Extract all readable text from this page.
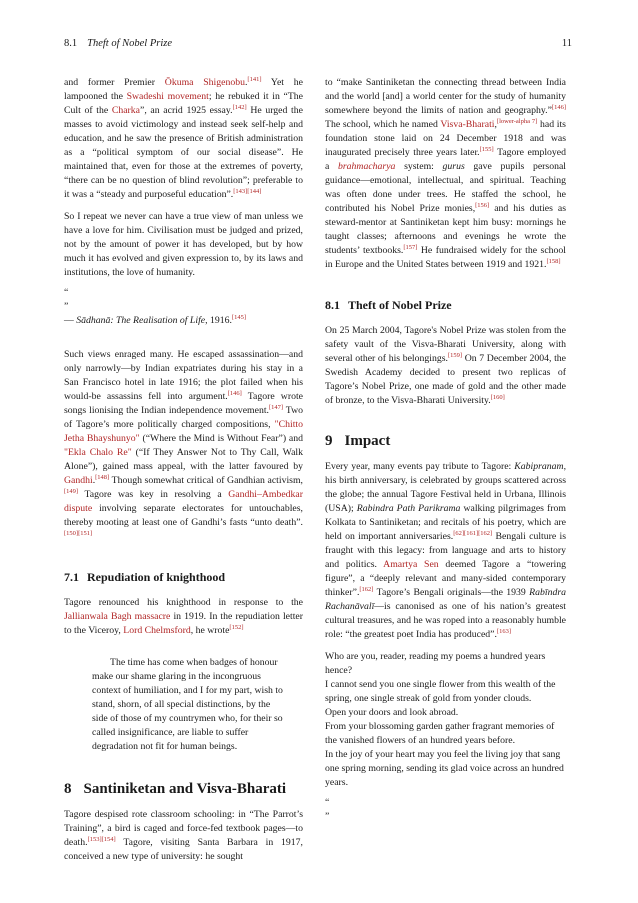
8.1 Theft of Nobel Prize	11

and former Premier Ōkuma Shigenobu.[141] Yet he lampooned the Swadeshi movement; he rebuked it in “The Cult of the Charka”, an acrid 1925 essay.[142] He urged the masses to avoid victimology and instead seek self-help and education, and he saw the presence of British administration as a “political symptom of our social disease”. He maintained that, even for those at the extremes of poverty, “there can be no question of blind revolution”; preferable to it was a “steady and purposeful education”.[143][144]

So I repeat we never can have a true view of man unless we have a love for him. Civilisation must be judged and prized, not by the amount of power it has developed, but by how much it has evolved and given expression to, by its laws and institutions, the love of humanity.

“

”

— Sādhanā: The Realisation of Life, 1916.[145]

Such views enraged many. He escaped assassination—and only narrowly—by Indian expatriates during his stay in a San Francisco hotel in late 1916; the plot failed when his would-be assassins fell into argument.[146] Tagore wrote songs lionising the Indian independence movement.[147] Two of Tagore’s more politically charged compositions, "Chitto Jetha Bhayshunyo" (“Where the Mind is Without Fear”) and "Ekla Chalo Re" (“If They Answer Not to Thy Call, Walk Alone”), gained mass appeal, with the latter favoured by Gandhi.[148] Though somewhat critical of Gandhian activism,[149] Tagore was key in resolving a Gandhi–Ambedkar dispute involving separate electorates for untouchables, thereby mooting at least one of Gandhi’s fasts “unto death”.[150][151]

7.1 Repudiation of knighthood

Tagore renounced his knighthood in response to the Jallianwala Bagh massacre in 1919. In the repudiation letter to the Viceroy, Lord Chelmsford, he wrote[152]

The time has come when badges of honour make our shame glaring in the incongruous context of humiliation, and I for my part, wish to stand, shorn, of all special distinctions, by the side of those of my countrymen who, for their so called insignificance, are liable to suffer degradation not fit for human beings.

8 Santiniketan and Visva-Bharati

Tagore despised rote classroom schooling: in “The Parrot’s Training”, a bird is caged and force-fed textbook pages—to death.[153][154] Tagore, visiting Santa Barbara in 1917, conceived a new type of university: he sought

to “make Santiniketan the connecting thread between India and the world [and] a world center for the study of humanity somewhere beyond the limits of nation and geography.”[146] The school, which he named Visva-Bharati,[lower-alpha 7] had its foundation stone laid on 24 December 1918 and was inaugurated precisely three years later.[155] Tagore employed a brahmacharya system: gurus gave pupils personal guidance—emotional, intellectual, and spiritual. Teaching was often done under trees. He staffed the school, he contributed his Nobel Prize monies,[156] and his duties as steward-mentor at Santiniketan kept him busy: mornings he taught classes; afternoons and evenings he wrote the students’ textbooks.[157] He fundraised widely for the school in Europe and the United States between 1919 and 1921.[158]

8.1 Theft of Nobel Prize

On 25 March 2004, Tagore's Nobel Prize was stolen from the safety vault of the Visva-Bharati University, along with several other of his belongings.[159] On 7 December 2004, the Swedish Academy decided to present two replicas of Tagore’s Nobel Prize, one made of gold and the other made of bronze, to the Visva-Bharati University.[160]

9 Impact

Every year, many events pay tribute to Tagore: Kabipranam, his birth anniversary, is celebrated by groups scattered across the globe; the annual Tagore Festival held in Urbana, Illinois (USA); Rabindra Path Parikrama walking pilgrimages from Kolkata to Santiniketan; and recitals of his poetry, which are held on important anniversaries.[62][161][162] Bengali culture is fraught with this legacy: from language and arts to history and politics. Amartya Sen deemed Tagore a “towering figure”, a “deeply relevant and many-sided contemporary thinker”.[162] Tagore’s Bengali originals—the 1939 Rabīndra Rachanāvalī—is canonised as one of his nation’s greatest cultural treasures, and he was roped into a reasonably humble role: “the greatest poet India has produced”.[163]

Who are you, reader, reading my poems a hundred years hence?

I cannot send you one single flower from this wealth of the spring, one single streak of gold from yonder clouds.

Open your doors and look abroad.

From your blossoming garden gather fragrant memories of the vanished flowers of an hundred years before.

In the joy of your heart may you feel the living joy that sang one spring morning, sending its glad voice across an hundred years.

“

”
